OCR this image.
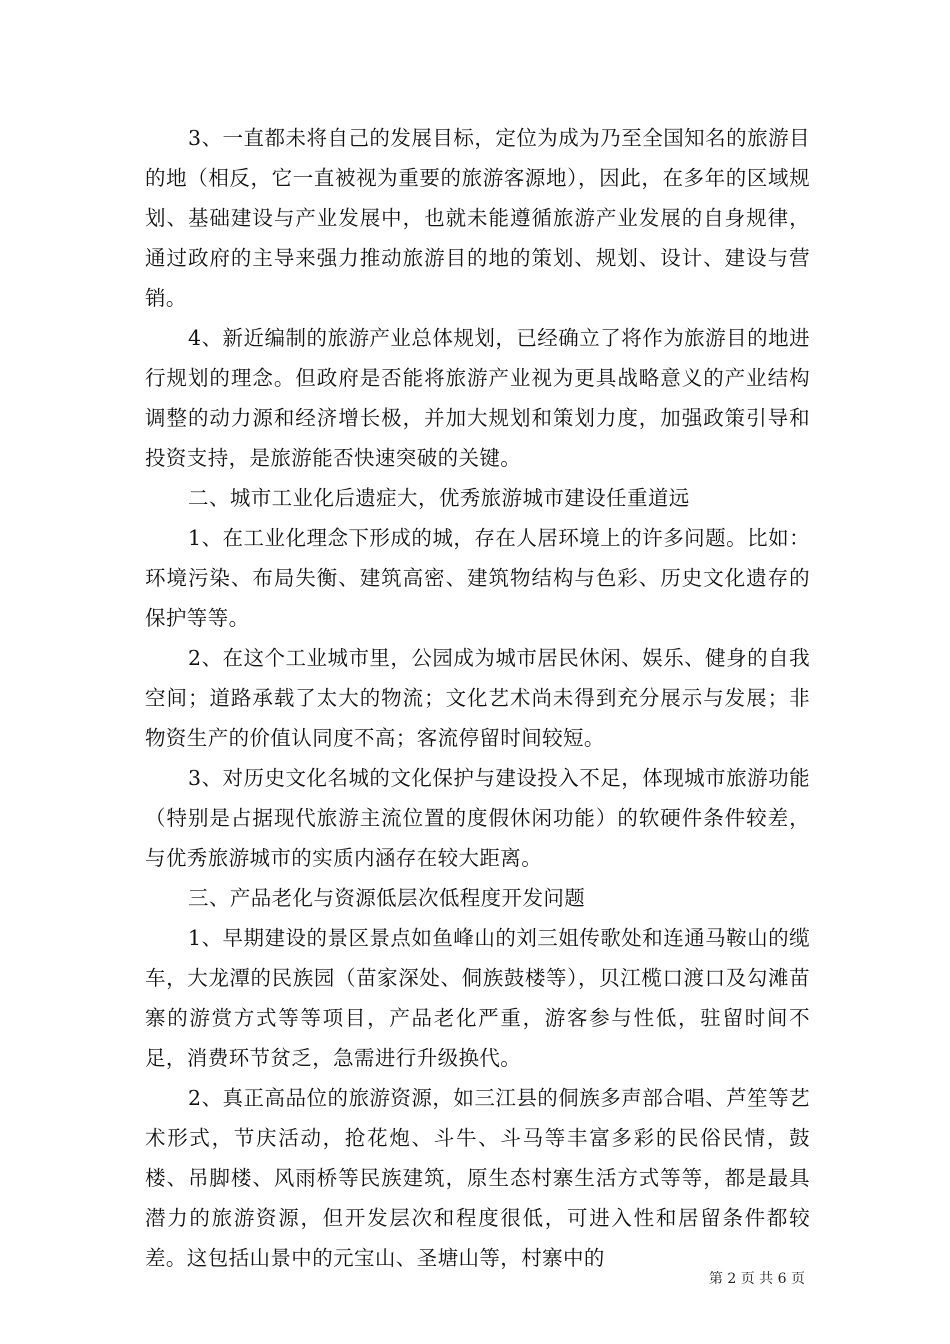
3、一直都未将自己的发展目标，定位为成为乃至全国知名的旅游目的地（相反，它一直被视为重要的旅游客源地），因此，在多年的区域规划、基础建设与产业发展中，也就未能遵循旅游产业发展的自身规律，通过政府的主导来强力推动旅游目的地的策划、规划、设计、建设与营销。

4、新近编制的旅游产业总体规划，已经确立了将作为旅游目的地进行规划的理念。但政府是否能将旅游产业视为更具战略意义的产业结构调整的动力源和经济增长极，并加大规划和策划力度，加强政策引导和投资支持，是旅游能否快速突破的关键。

二、城市工业化后遗症大，优秀旅游城市建设任重道远

1、在工业化理念下形成的城，存在人居环境上的许多问题。比如：环境污染、布局失衡、建筑高密、建筑物结构与色彩、历史文化遗存的保护等等。

2、在这个工业城市里，公园成为城市居民休闲、娱乐、健身的自我空间；道路承载了太大的物流；文化艺术尚未得到充分展示与发展；非物资生产的价值认同度不高；客流停留时间较短。

3、对历史文化名城的文化保护与建设投入不足，体现城市旅游功能（特别是占据现代旅游主流位置的度假休闲功能）的软硬件条件较差，与优秀旅游城市的实质内涵存在较大距离。

三、产品老化与资源低层次低程度开发问题

1、早期建设的景区景点如鱼峰山的刘三姐传歌处和连通马鞍山的缆车，大龙潭的民族园（苗家深处、侗族鼓楼等），贝江榄口渡口及勾滩苗寨的游赏方式等等项目，产品老化严重，游客参与性低，驻留时间不足，消费环节贫乏，急需进行升级换代。

2、真正高品位的旅游资源，如三江县的侗族多声部合唱、芦笙等艺术形式，节庆活动，抢花炮、斗牛、斗马等丰富多彩的民俗民情，鼓楼、吊脚楼、风雨桥等民族建筑，原生态村寨生活方式等等，都是最具潜力的旅游资源，但开发层次和程度很低，可进入性和居留条件都较差。这包括山景中的元宝山、圣塘山等，村寨中的

第 2 页 共 6 页
